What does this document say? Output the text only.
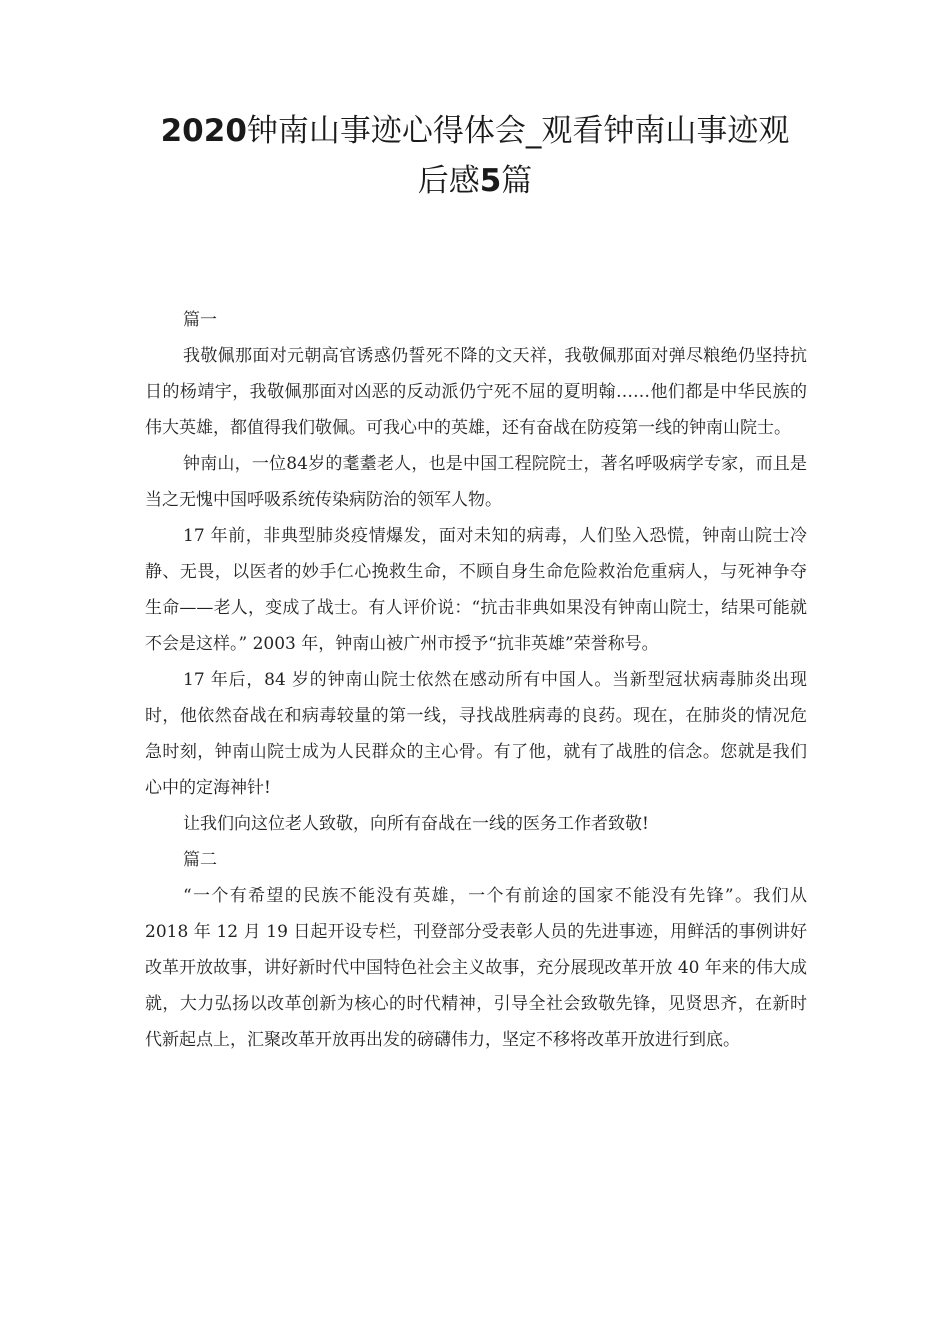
2020钟南山事迹心得体会_观看钟南山事迹观
后感5篇

篇一

我敬佩那面对元朝高官诱惑仍誓死不降的文天祥，我敬佩那面对弹尽粮绝仍坚持抗日的杨靖宇，我敬佩那面对凶恶的反动派仍宁死不屈的夏明翰……他们都是中华民族的伟大英雄，都值得我们敬佩。可我心中的英雄，还有奋战在防疫第一线的钟南山院士。

钟南山，一位84岁的耄耋老人，也是中国工程院院士，著名呼吸病学专家，而且是当之无愧中国呼吸系统传染病防治的领军人物。

17 年前，非典型肺炎疫情爆发，面对未知的病毒，人们坠入恐慌，钟南山院士冷静、无畏，以医者的妙手仁心挽救生命，不顾自身生命危险救治危重病人，与死神争夺生命——老人，变成了战士。有人评价说：“抗击非典如果没有钟南山院士，结果可能就不会是这样。” 2003 年，钟南山被广州市授予“抗非英雄”荣誉称号。

17 年后，84 岁的钟南山院士依然在感动所有中国人。当新型冠状病毒肺炎出现时，他依然奋战在和病毒较量的第一线，寻找战胜病毒的良药。现在，在肺炎的情况危急时刻，钟南山院士成为人民群众的主心骨。有了他，就有了战胜的信念。您就是我们心中的定海神针!

让我们向这位老人致敬，向所有奋战在一线的医务工作者致敬!

篇二

“一个有希望的民族不能没有英雄，一个有前途的国家不能没有先锋”。我们从 2018 年 12 月 19 日起开设专栏，刊登部分受表彰人员的先进事迹，用鲜活的事例讲好改革开放故事，讲好新时代中国特色社会主义故事，充分展现改革开放 40 年来的伟大成就，大力弘扬以改革创新为核心的时代精神，引导全社会致敬先锋，见贤思齐，在新时代新起点上，汇聚改革开放再出发的磅礴伟力，坚定不移将改革开放进行到底。
